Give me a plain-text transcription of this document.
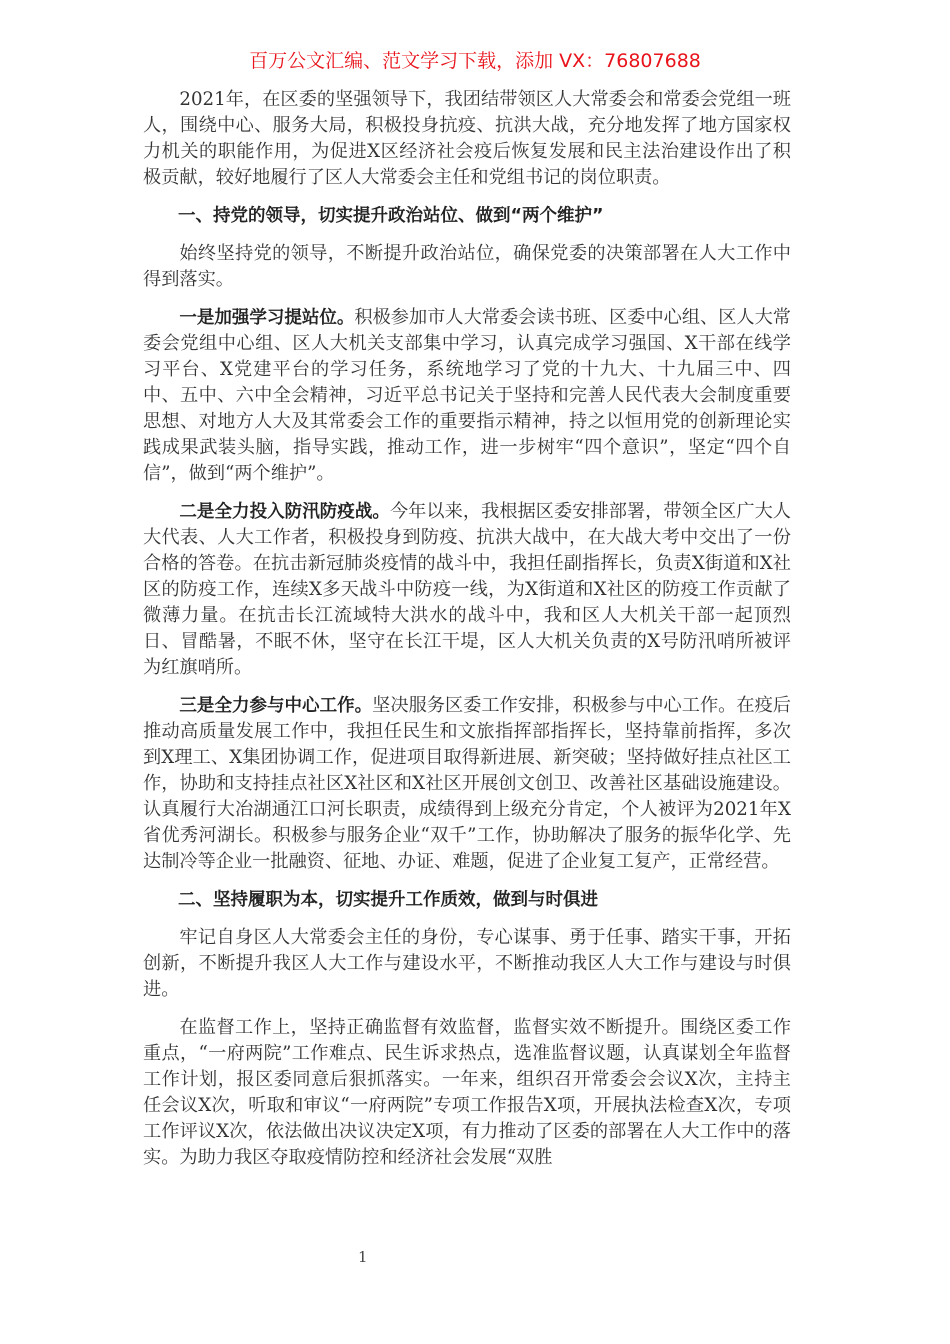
百万公文汇编、范文学习下载，添加 VX：76807688

2021年，在区委的坚强领导下，我团结带领区人大常委会和常委会党组一班人，围绕中心、服务大局，积极投身抗疫、抗洪大战，充分地发挥了地方国家权力机关的职能作用，为促进X区经济社会疫后恢复发展和民主法治建设作出了积极贡献，较好地履行了区人大常委会主任和党组书记的岗位职责。

一、持党的领导，切实提升政治站位、做到“两个维护”

始终坚持党的领导，不断提升政治站位，确保党委的决策部署在人大工作中得到落实。

一是加强学习提站位。积极参加市人大常委会读书班、区委中心组、区人大常委会党组中心组、区人大机关支部集中学习，认真完成学习强国、X干部在线学习平台、X党建平台的学习任务，系统地学习了党的十九大、十九届三中、四中、五中、六中全会精神，习近平总书记关于坚持和完善人民代表大会制度重要思想、对地方人大及其常委会工作的重要指示精神，持之以恒用党的创新理论实践成果武装头脑，指导实践，推动工作，进一步树牢“四个意识”，坚定“四个自信”，做到“两个维护”。

二是全力投入防汛防疫战。今年以来，我根据区委安排部署，带领全区广大人大代表、人大工作者，积极投身到防疫、抗洪大战中，在大战大考中交出了一份合格的答卷。在抗击新冠肺炎疫情的战斗中，我担任副指挥长，负责X街道和X社区的防疫工作，连续X多天战斗中防疫一线，为X街道和X社区的防疫工作贡献了微薄力量。在抗击长江流域特大洪水的战斗中，我和区人大机关干部一起顶烈日、冒酷暑，不眠不休，坚守在长江干堤，区人大机关负责的X号防汛哨所被评为红旗哨所。

三是全力参与中心工作。坚决服务区委工作安排，积极参与中心工作。在疫后推动高质量发展工作中，我担任民生和文旅指挥部指挥长，坚持靠前指挥，多次到X理工、X集团协调工作，促进项目取得新进展、新突破；坚持做好挂点社区工作，协助和支持挂点社区X社区和X社区开展创文创卫、改善社区基础设施建设。认真履行大冶湖通江口河长职责，成绩得到上级充分肯定，个人被评为2021年X省优秀河湖长。积极参与服务企业“双千”工作，协助解决了服务的振华化学、先达制冷等企业一批融资、征地、办证、难题，促进了企业复工复产，正常经营。

二、坚持履职为本，切实提升工作质效，做到与时俱进

牢记自身区人大常委会主任的身份，专心谋事、勇于任事、踏实干事，开拓创新，不断提升我区人大工作与建设水平，不断推动我区人大工作与建设与时俱进。

在监督工作上，坚持正确监督有效监督，监督实效不断提升。围绕区委工作重点，“一府两院”工作难点、民生诉求热点，选准监督议题，认真谋划全年监督工作计划，报区委同意后狠抓落实。一年来，组织召开常委会会议X次，主持主任会议X次，听取和审议“一府两院”专项工作报告X项，开展执法检查X次，专项工作评议X次，依法做出决议决定X项，有力推动了区委的部署在人大工作中的落实。为助力我区夺取疫情防控和经济社会发展“双胜

1
